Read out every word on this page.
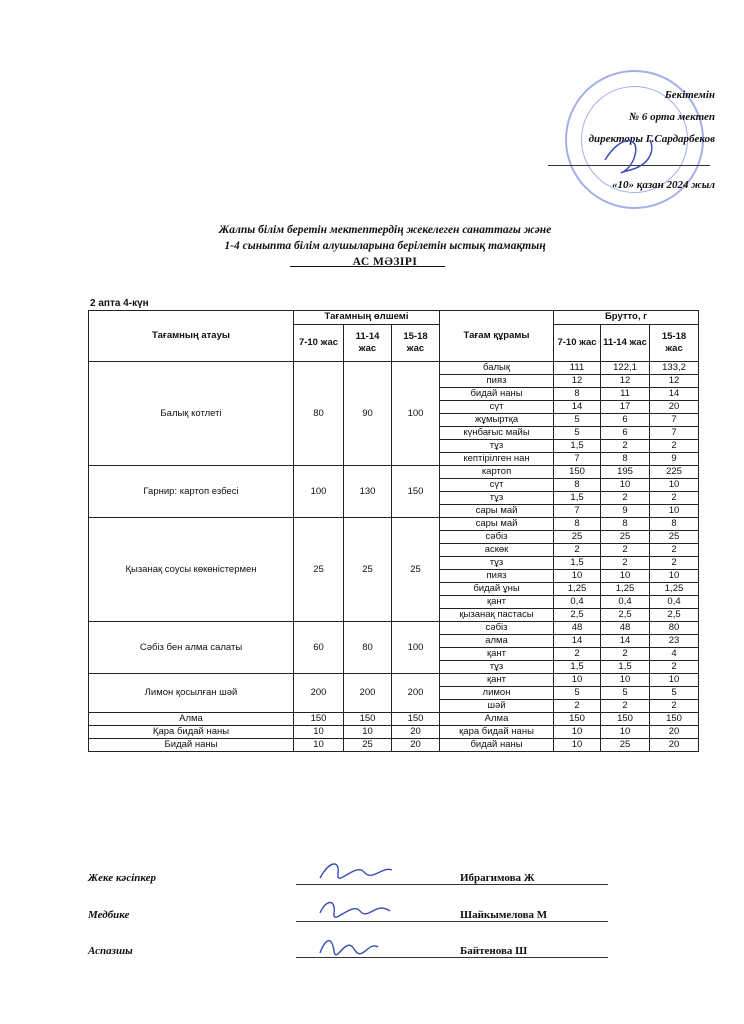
Бекітемін
№ 6 орта мектеп
директоры Г.Сардарбеков
«10» қазан 2024 жыл
Жалпы білім беретін мектептердің жекелеген санаттағы және
1-4 сыныпта білім алушыларына берілетін ыстық тамақтың
АС МӘЗІРІ
2 апта 4-күн
Тағамның атауы	Тағамның өлшемі			Тағам құрамы	Брутто, г		
	7-10 жас	11-14 жас	15-18 жас		7-10 жас	11-14 жас	15-18 жас
Балық котлеті	80	90	100	балық	111	122,1	133,2
				пияз	12	12	12
				бидай наны	8	11	14
				сүт	14	17	20
				жұмыртқа	5	6	7
				күнбағыс майы	5	6	7
				тұз	1,5	2	2
				кептірілген нан	7	8	9
Гарнир: картоп езбесі	100	130	150	картоп	150	195	225
				сүт	8	10	10
				тұз	1,5	2	2
				сары май	7	9	10
Қызанақ соусы көкөністермен	25	25	25	сары май	8	8	8
				сәбіз	25	25	25
				аскөк	2	2	2
				тұз	1,5	2	2
				пияз	10	10	10
				бидай ұны	1,25	1,25	1,25
				қант	0,4	0,4	0,4
				қызанақ пастасы	2,5	2,5	2,5
Сәбіз бен алма салаты	60	80	100	сәбіз	48	48	80
				алма	14	14	23
				қант	2	2	4
				тұз	1,5	1,5	2
Лимон қосылған шәй	200	200	200	қант	10	10	10
				лимон	5	5	5
				шәй	2	2	2
Алма	150	150	150	Алма	150	150	150
Қара бидай наны	10	10	20	қара бидай наны	10	10	20
Бидай наны	10	25	20	бидай наны	10	25	20
Жеке кәсіпкер	Ибрагимова Ж
Медбике	Шайкымелова М
Аспазшы	Байтенова Ш
